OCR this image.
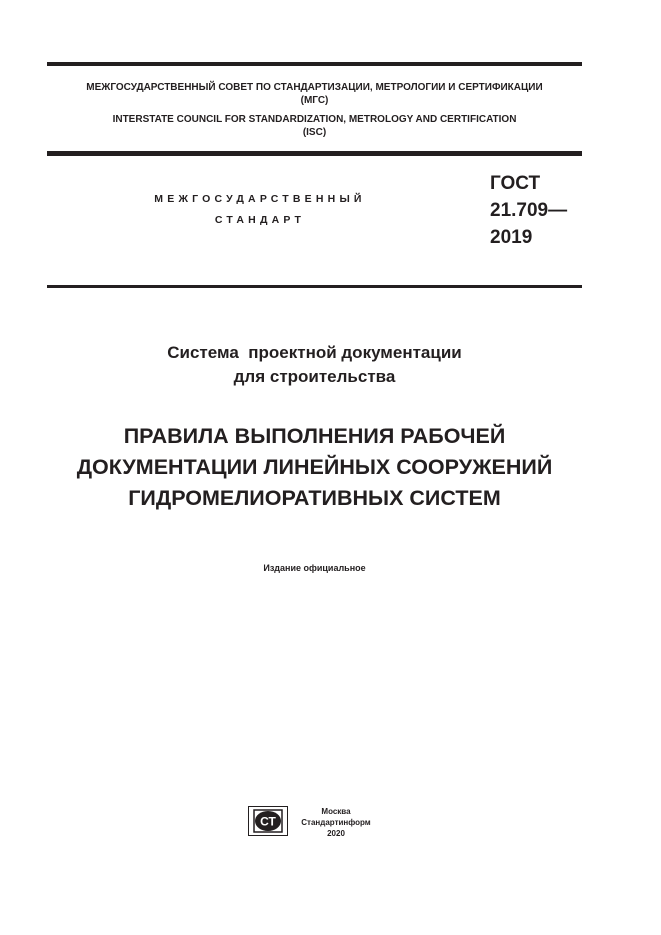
МЕЖГОСУДАРСТВЕННЫЙ СОВЕТ ПО СТАНДАРТИЗАЦИИ, МЕТРОЛОГИИ И СЕРТИФИКАЦИИ
(МГС)
INTERSTATE COUNCIL FOR STANDARDIZATION, METROLOGY AND CERTIFICATION
(ISC)
МЕЖГОСУДАРСТВЕННЫЙ
СТАНДАРТ
ГОСТ
21.709—
2019
Система  проектной документации
для строительства
ПРАВИЛА ВЫПОЛНЕНИЯ РАБОЧЕЙ
ДОКУМЕНТАЦИИ ЛИНЕЙНЫХ СООРУЖЕНИЙ
ГИДРОМЕЛИОРАТИВНЫХ СИСТЕМ
Издание официальное
СТ
Москва
Стандартинформ
2020
